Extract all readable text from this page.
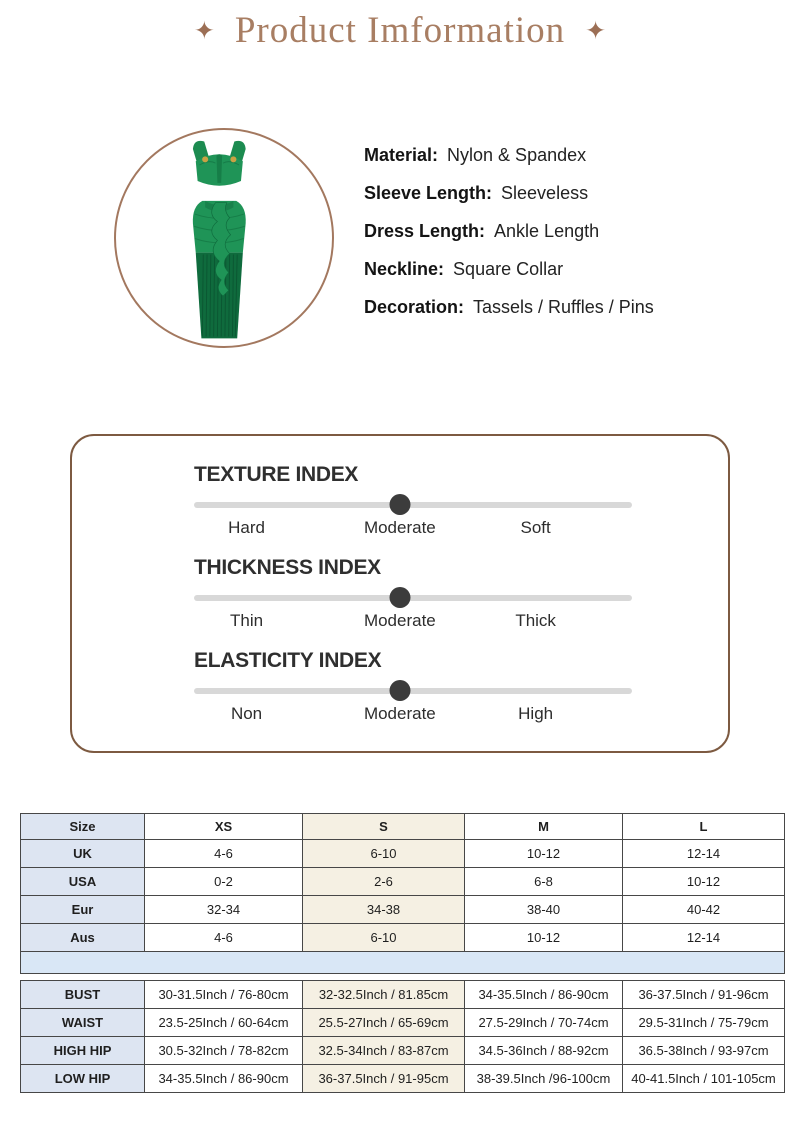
✦ Product Imformation ✦
Material: Nylon & Spandex
Sleeve Length: Sleeveless
Dress Length: Ankle Length
Neckline: Square Collar
Decoration: Tassels / Ruffles / Pins
TEXTURE INDEX
Hard	Moderate	Soft
THICKNESS INDEX
Thin	Moderate	Thick
ELASTICITY INDEX
Non	Moderate	High
Size	XS	S	M	L
UK	4-6	6-10	10-12	12-14
USA	0-2	2-6	6-8	10-12
Eur	32-34	34-38	38-40	40-42
Aus	4-6	6-10	10-12	12-14

BUST	30-31.5Inch / 76-80cm	32-32.5Inch / 81.85cm	34-35.5Inch / 86-90cm	36-37.5Inch / 91-96cm
WAIST	23.5-25Inch / 60-64cm	25.5-27Inch / 65-69cm	27.5-29Inch / 70-74cm	29.5-31Inch / 75-79cm
HIGH HIP	30.5-32Inch / 78-82cm	32.5-34Inch / 83-87cm	34.5-36Inch / 88-92cm	36.5-38Inch / 93-97cm
LOW HIP	34-35.5Inch / 86-90cm	36-37.5Inch / 91-95cm	38-39.5Inch /96-100cm	40-41.5Inch / 101-105cm
